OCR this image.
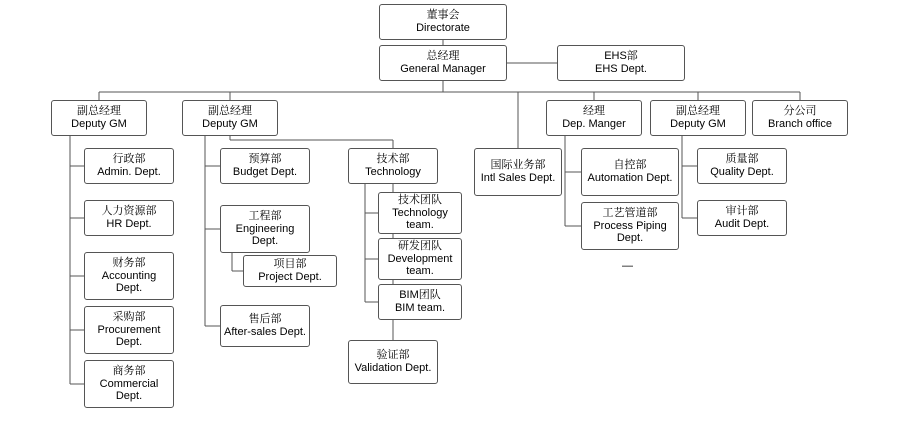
董事会
Directorate
总经理
General Manager
EHS部
EHS Dept.
副总经理
Deputy GM
副总经理
Deputy GM
经理
Dep. Manger
副总经理
Deputy GM
分公司
Branch office
行政部
Admin. Dept.
人力资源部
HR Dept.
财务部
Accounting Dept.
采购部
Procurement Dept.
商务部
Commercial Dept.
预算部
Budget Dept.
工程部
Engineering Dept.
项目部
Project Dept.
售后部
After-sales Dept.
技术部
Technology
技术团队
Technology team.
研发团队
Development team.
BIM团队
BIM team.
验证部
Validation Dept.
国际业务部
Intl Sales Dept.
自控部
Automation Dept.
工艺管道部
Process Piping Dept.
—
质量部
Quality Dept.
审计部
Audit Dept.
